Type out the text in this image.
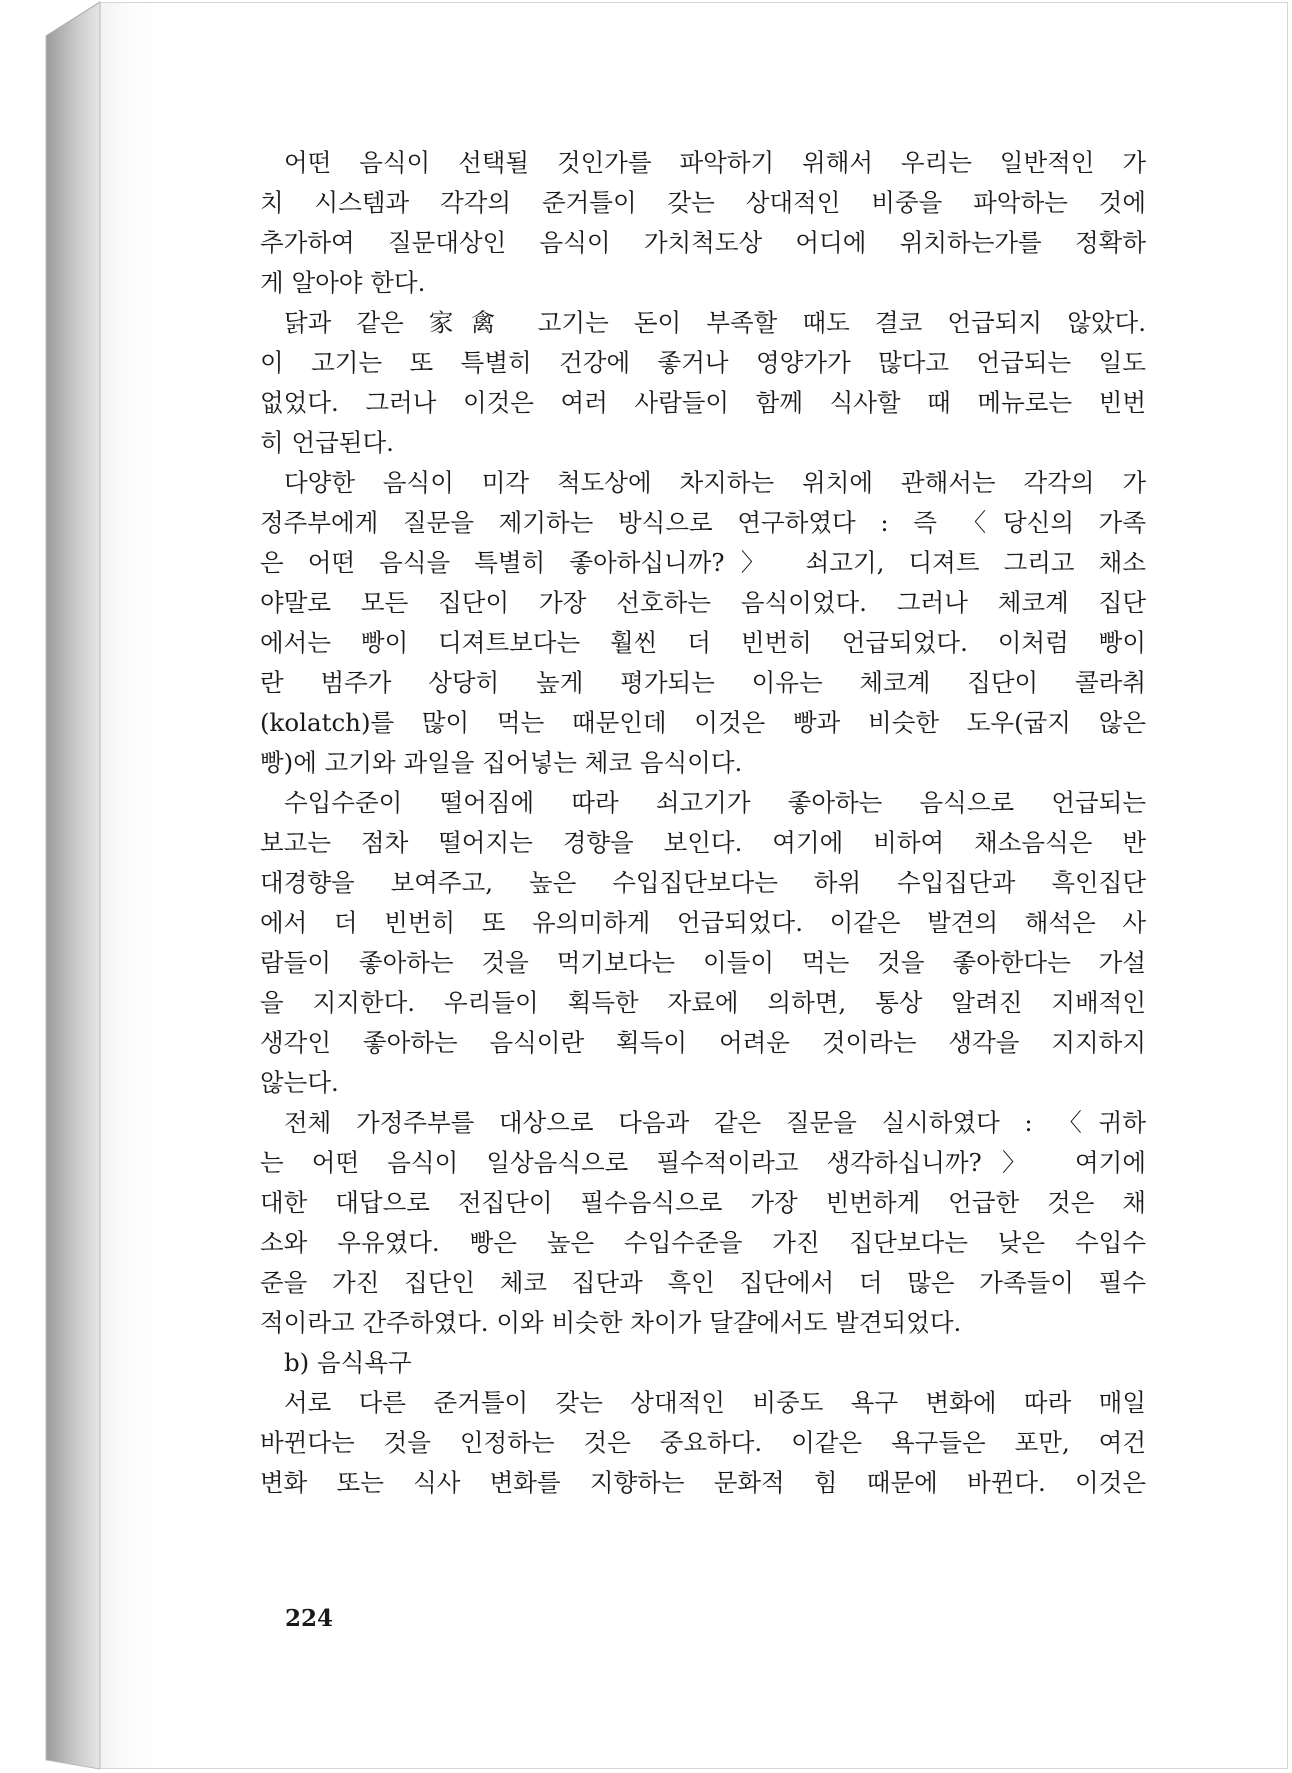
어떤 음식이 선택될 것인가를 파악하기 위해서 우리는 일반적인 가
치 시스템과 각각의 준거틀이 갖는 상대적인 비중을 파악하는 것에
추가하여 질문대상인 음식이 가치척도상 어디에 위치하는가를 정확하
게 알아야 한다.
닭과 같은 家禽 고기는 돈이 부족할 때도 결코 언급되지 않았다.
이 고기는 또 특별히 건강에 좋거나 영양가가 많다고 언급되는 일도
없었다. 그러나 이것은 여러 사람들이 함께 식사할 때 메뉴로는 빈번
히 언급된다.
다양한 음식이 미각 척도상에 차지하는 위치에 관해서는 각각의 가
정주부에게 질문을 제기하는 방식으로 연구하였다 : 즉 〈당신의 가족
은 어떤 음식을 특별히 좋아하십니까?〉 쇠고기, 디져트 그리고 채소
야말로 모든 집단이 가장 선호하는 음식이었다. 그러나 체코계 집단
에서는 빵이 디져트보다는 훨씬 더 빈번히 언급되었다. 이처럼 빵이
란 범주가 상당히 높게 평가되는 이유는 체코계 집단이 콜라취
(kolatch)를 많이 먹는 때문인데 이것은 빵과 비슷한 도우(굽지 않은
빵)에 고기와 과일을 집어넣는 체코 음식이다.
수입수준이 떨어짐에 따라 쇠고기가 좋아하는 음식으로 언급되는
보고는 점차 떨어지는 경향을 보인다. 여기에 비하여 채소음식은 반
대경향을 보여주고, 높은 수입집단보다는 하위 수입집단과 흑인집단
에서 더 빈번히 또 유의미하게 언급되었다. 이같은 발견의 해석은 사
람들이 좋아하는 것을 먹기보다는 이들이 먹는 것을 좋아한다는 가설
을 지지한다. 우리들이 획득한 자료에 의하면, 통상 알려진 지배적인
생각인 좋아하는 음식이란 획득이 어려운 것이라는 생각을 지지하지
않는다.
전체 가정주부를 대상으로 다음과 같은 질문을 실시하였다 : 〈귀하
는 어떤 음식이 일상음식으로 필수적이라고 생각하십니까?〉 여기에
대한 대답으로 전집단이 필수음식으로 가장 빈번하게 언급한 것은 채
소와 우유였다. 빵은 높은 수입수준을 가진 집단보다는 낮은 수입수
준을 가진 집단인 체코 집단과 흑인 집단에서 더 많은 가족들이 필수
적이라고 간주하였다. 이와 비슷한 차이가 달걀에서도 발견되었다.
b) 음식욕구
서로 다른 준거틀이 갖는 상대적인 비중도 욕구 변화에 따라 매일
바뀐다는 것을 인정하는 것은 중요하다. 이같은 욕구들은 포만, 여건
변화 또는 식사 변화를 지향하는 문화적 힘 때문에 바뀐다. 이것은
224
